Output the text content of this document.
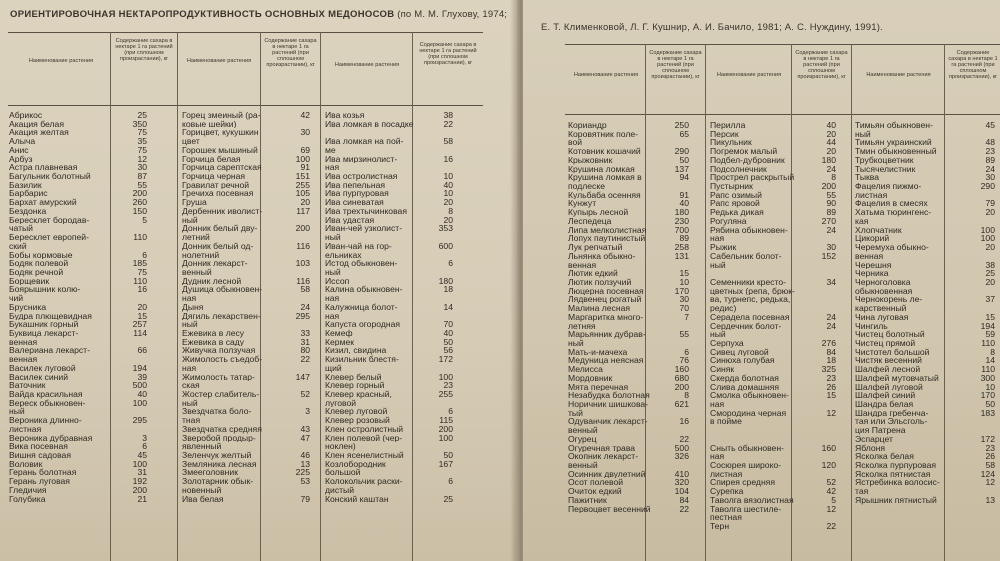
ОРИЕНТИРОВОЧНАЯ НЕКТАРОПРОДУКТИВНОСТЬ ОСНОВНЫХ МЕДОНОСОВ (по М. М. Глухову, 1974;
Наименование растения
Содержание сахара в нектаре 1 га растений (при сплошном произрастании), кг	Наименование растения
Содержание сахара в нектаре 1 га растений (при сплошном произрастании), кг	Наименование растения
Содержание сахара в нектаре 1 га растений (при сплошном произрастании), кг
Абрикос	25
Акация белая	350
Акация желтая	75
Алыча	35
Анис	75
Арбуз	12
Астра плавневая	30
Багульник болотный	87
Базилик	55
Барбарис	200
Бархат амурский	260
Бездонка	150
Бересклет бородав-	5
чатый
Бересклет европей-	110
ский
Бобы кормовые	6
Бодяк полевой	185
Бодяк речной	75
Борщевик	110
Боярышник колю-	16
чий
Брусника	20
Будра плющевидная	15
Букашник горный	257
Буквица лекарст-	114
венная
Валериана лекарст-	66
венная
Василек луговой	194
Василек синий	39
Ваточник	500
Вайда красильная	40
Вереск обыкновен-	100
ный
Вероника длинно-	295
листная
Вероника дубравная	3
Вика посевная	6
Вишня садовая	45
Воловик	100
Герань болотная	31
Герань луговая	192
Гледичия	200
Голубика	21
Горец змеиный (ра-	42
ковые шейки)
Горицвет, кукушкин	30
цвет
Горошек мышиный	69
Горчица белая	100
Горчица сарептская	91
Горчица черная	151
Гравилат речной	255
Гречиха посевная	105
Груша	20
Дербенник иволист-	117
ный
Донник белый дву-	200
летний
Донник белый од-	116
нолетний
Донник лекарст-	103
венный
Дудник лесной	116
Душица обыкновен-	58
ная
Дыня	24
Дягиль лекарствен-	295
ный
Ежевика в лесу	33
Ежевика в саду	31
Живучка ползучая	80
Жимолость съедоб-	22
ная
Жимолость татар-	147
ская
Жостер слабитель-	52
ный
Звездчатка боло-	3
тная
Звездчатка средняя	43
Зверобой продыр-	47
явленный
Зеленчук желтый	46
Земляника лесная	13
Змееголовник	225
Золотарник обык-	53
новенный
Ива белая	79
Ива козья	38
Ива ломкая в посадке	22
Ива ломкая на пой-	58
ме
Ива мирзинолист-	16
ная
Ива остролистная	10
Ива пепельная	40
Ива пурпуровая	10
Ива синеватая	20
Ива трехтычинковая	8
Ива удастая	20
Иван-чей узколист-	353
ный
Иван-чай на гор-	600
ельниках
Истод обыкновен-	6
ный
Иссоп	180
Калина обыкновен-	18
ная
Калужница болот-	14
ная
Капуста огородная	70
Кемеф	40
Кермек	50
Кизил, свидина	56
Кизильник блестя-	172
щий
Клевер белый	100
Клевер горный	23
Клевер красный,	255
луговой
Клевер луговой	6
Клевер розовый	115
Клен остролистный	200
Клен полевой (чер-	100
ноклен)
Клен ясенелистный	50
Козлобородник	167
большой
Колокольчик раски-	6
дистый
Конский каштан	25
Е. Т. Клименковой, Л. Г. Кушнир, А. И. Бачило, 1981; А. С. Нуждину, 1991).
Наименование растения
Содержание сахара в нектаре 1 га растений (при сплошном произрастании), кг	Наименование растения
Содержание сахара в нектаре 1 га растений (при сплошном произрастании), кг	Наименование растения
Содержание сахара в нектаре 1 га растений (при сплошном произрастании), кг
Кориандр	250
Коровятник поле-	65
вой
Котовник кошачий	290
Крыжовник	50
Крушина ломкая	137
Крушина ломкая в	94
подлеске
Кульбаба осенняя	91
Кунжут	40
Купырь лесной	180
Леспедеца	230
Липа мелколистная	700
Лопух паутинистый	89
Лук репчатый	258
Льнянка обыкно-	131
венная
Лютик едкий	15
Лютик ползучий	10
Люцерна посевная	170
Лядвенец рогатый	30
Малина лесная	70
Маргаритка много-	7
летняя
Марьянник дубрав-	55
ный
Мать-и-мачеха	6
Медуница неясная	76
Мелисса	160
Мордовник	680
Мята перечная	200
Незабудка болотная	8
Норичник шишкова-	621
тый
Одуванчик лекарст-	16
венный
Огурец	22
Огуречная трава	500
Окопник лекарст-	326
венный
Осинник двулетний	410
Осот полевой	320
Очиток едкий	104
Пажитник	84
Первоцвет весенний	22
Перилла	40
Персик	20
Пикульник	44
Погремок малый	20
Подбел-дубровник	180
Подсолнечник	24
Прострел раскрытый	8
Пустырник	200
Рапс озимый	55
Рапс яровой	90
Редька дикая	89
Рогуляна	270
Рябина обыкновен-	24
ная
Рыжик	30
Сабельник болот-	152
ный
Семенники кресто-	34
цветных (репа, брюк-
ва, турнепс, редька,
редис)
Серадела посевная	24
Сердечник болот-	24
ный
Серпуха	276
Сивец луговой	84
Синюха голубая	18
Синяк	325
Скерда болотная	23
Слива домашняя	26
Смолка обыкновен-	15
ная
Смородина черная	12
в пойме
Сныть обыкновен-	160
ная
Сосюрея широко-	120
листная
Спирея средняя	52
Сурепка	42
Таволга вязолистная	5
Таволга шестиле-	12
пестная
Терн	22
Тимьян обыкновен-	45
ный
Тимьян украинский	48
Тмин обыкновенный	23
Трубкоцветник	89
Тысячелистник	24
Тыква	30
Фацелия пижмо-	290
листная
Фацелия в смесях	79
Хатьма тюрингенс-	20
кая
Хлопчатник	100
Цикорий	100
Черемуха обыкно-	20
венная
Черешня	38
Черника	25
Черноголовка	20
обыкновенная
Чернокорень ле-	37
карственный
Чина луговая	15
Чингиль	194
Чистец болотный	59
Чистец прямой	110
Чистотел большой	8
Чистяк весенний	14
Шалфей лесной	110
Шалфей мутовчатый	300
Шалфей луговой	10
Шалфей синий	170
Шандра белая	50
Шандра гребенча-	183
тая или Эльсголь-
ция Патрена
Эспарцет	172
Яблоня	23
Ясколка белая	26
Ясколка пурпуровая	58
Ясколка пятнистая	124
Ястребинка волосис-	12
тая
Ярышник пятнистый	13
